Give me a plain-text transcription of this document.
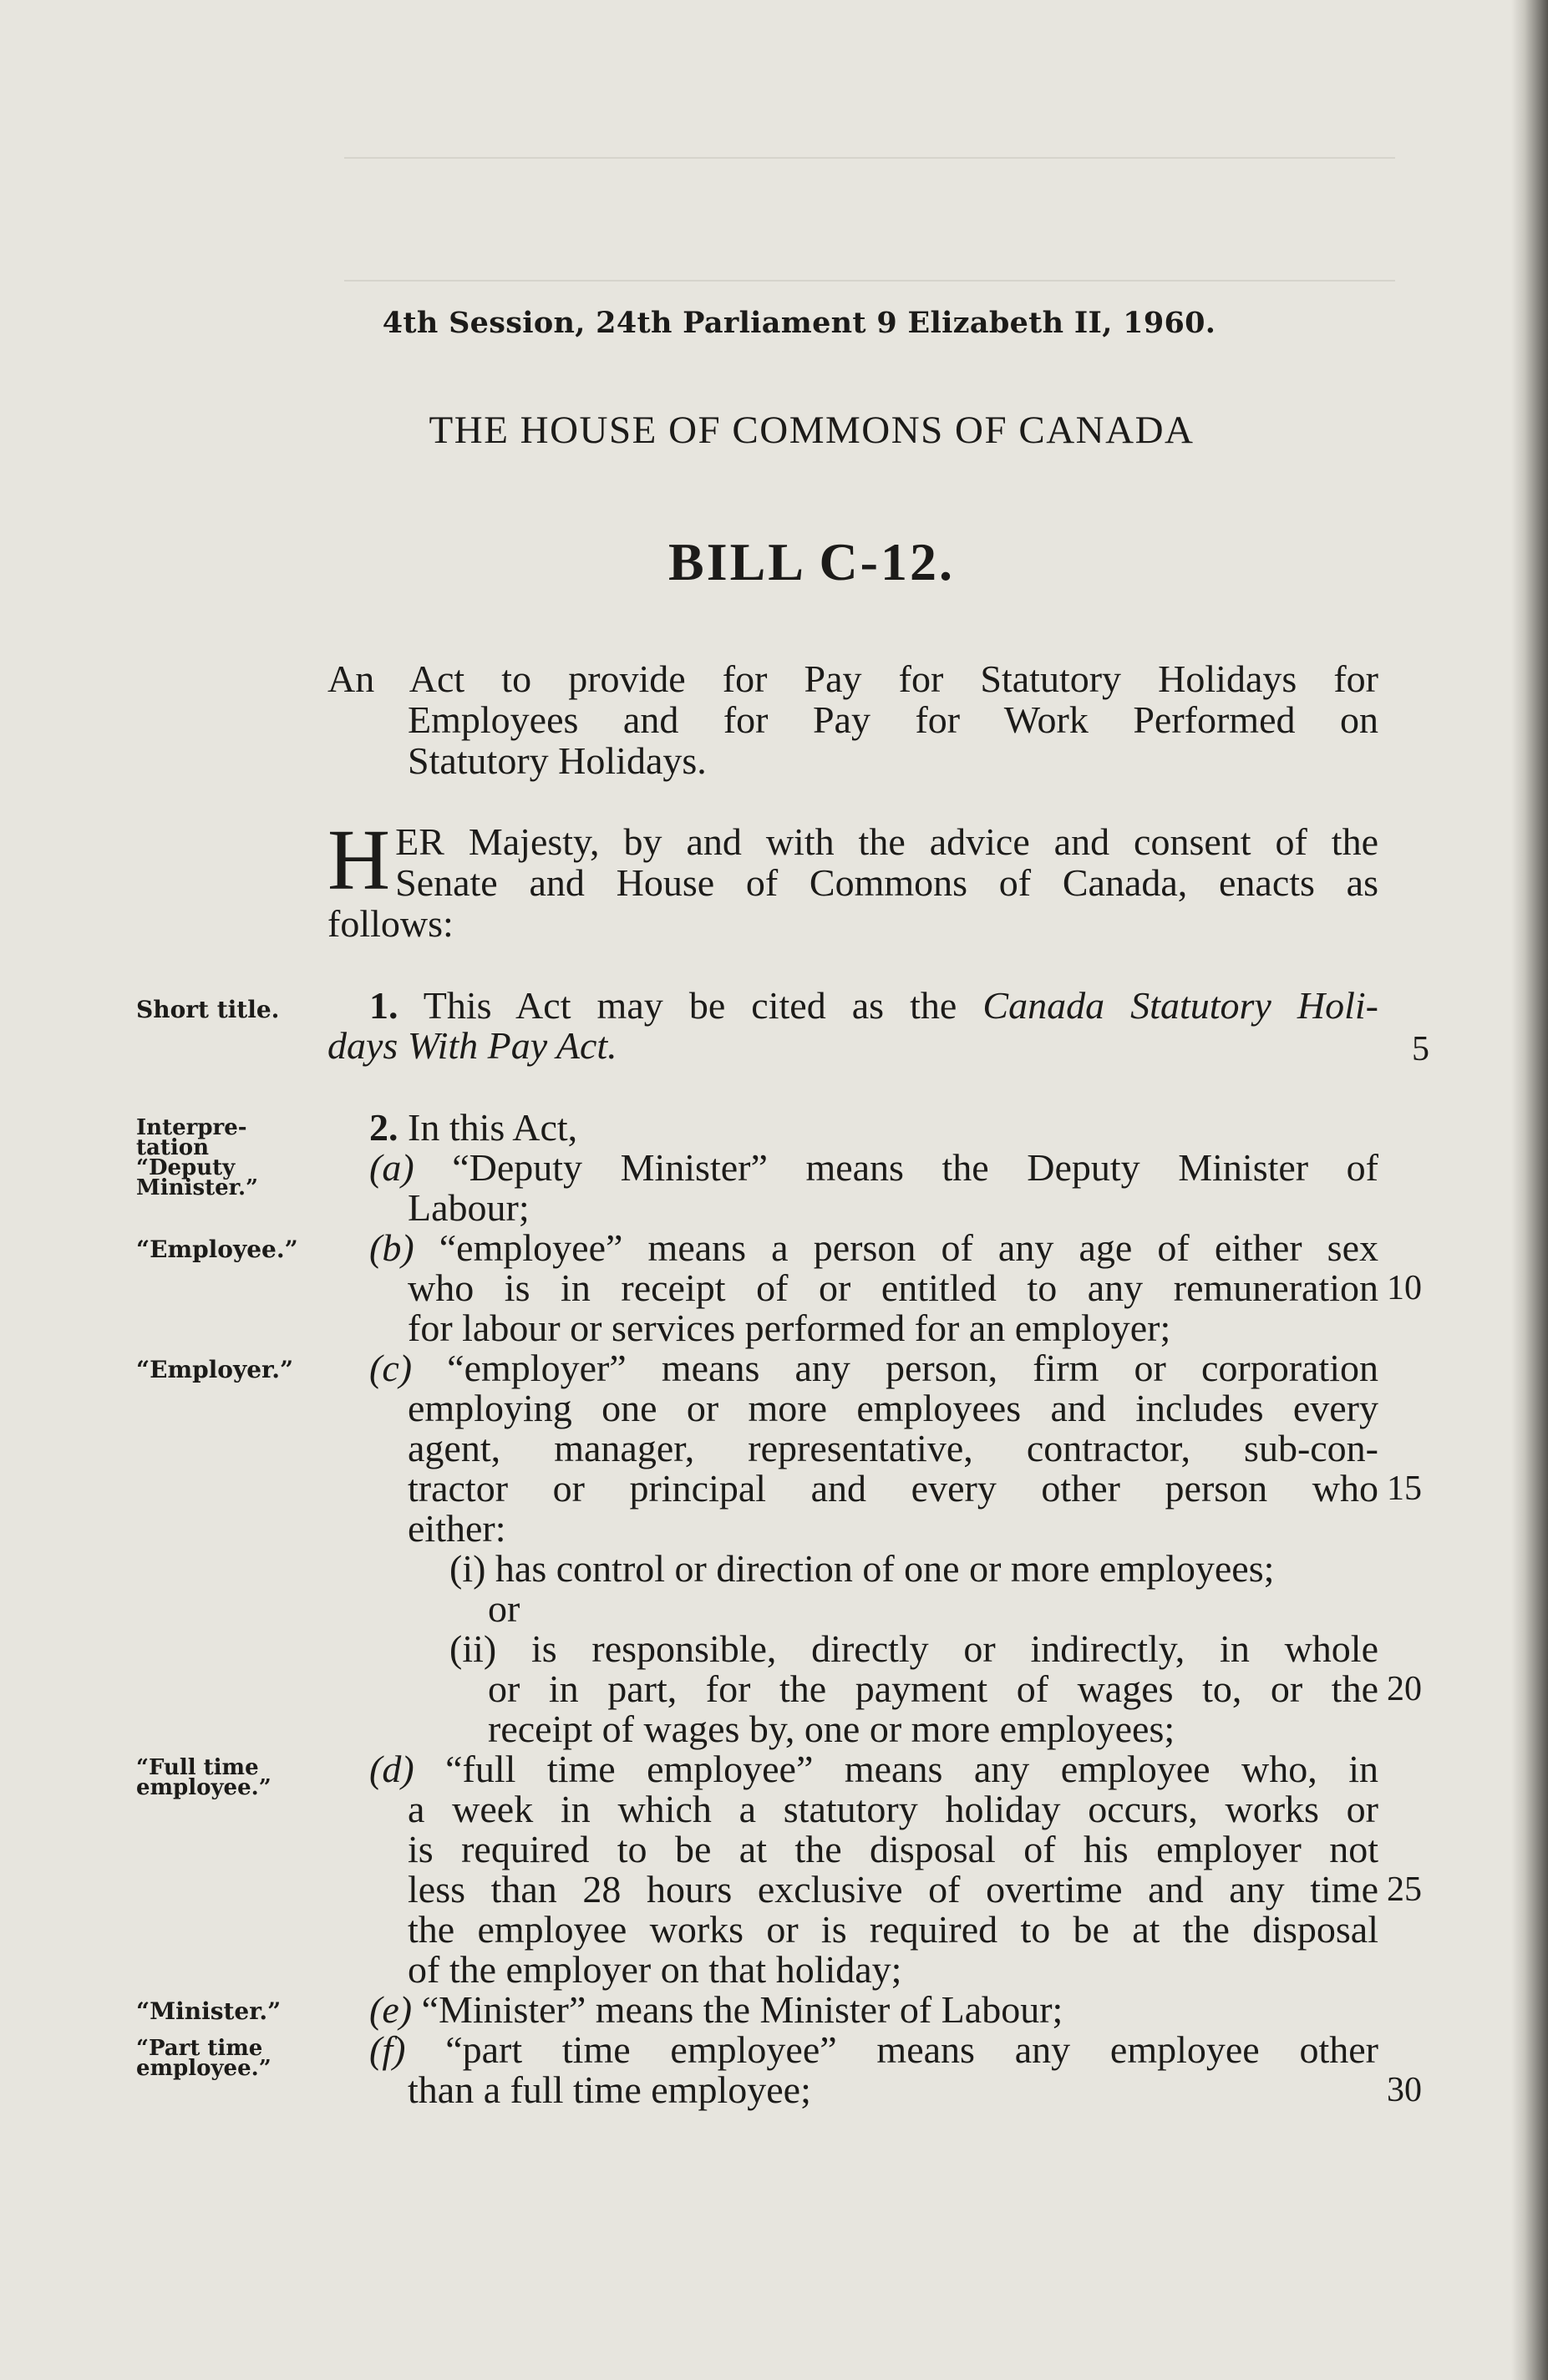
4th Session, 24th Parliament 9 Elizabeth II, 1960.
THE HOUSE OF COMMONS OF CANADA
BILL C-12.
An Act to provide for Pay for Statutory Holidays for
Employees and for Pay for Work Performed on
Statutory Holidays.
H ER Majesty, by and with the advice and consent of the
Senate and House of Commons of Canada, enacts as
follows:
1. This Act may be cited as the Canada Statutory Holi-
days With Pay Act.	5
2. In this Act,
(a) “Deputy Minister” means the Deputy Minister of
Labour;
(b) “employee” means a person of any age of either sex
who is in receipt of or entitled to any remuneration
for labour or services performed for an employer;
(c) “employer” means any person, firm or corporation
employing one or more employees and includes every
agent, manager, representative, contractor, sub-con-
tractor or principal and every other person who
either:
(i) has control or direction of one or more employees;
or
(ii) is responsible, directly or indirectly, in whole
or in part, for the payment of wages to, or the
receipt of wages by, one or more employees;
(d) “full time employee” means any employee who, in
a week in which a statutory holiday occurs, works or
is required to be at the disposal of his employer not
less than 28 hours exclusive of overtime and any time
the employee works or is required to be at the disposal
of the employer on that holiday;
(e) “Minister” means the Minister of Labour;
(f) “part time employee” means any employee other
than a full time employee;
10
15
20
25
30
Short title.
Interpre-
tation
“Deputy
Minister.”
“Employee.”
“Employer.”
“Full time
employee.”
“Minister.”
“Part time
employee.”
